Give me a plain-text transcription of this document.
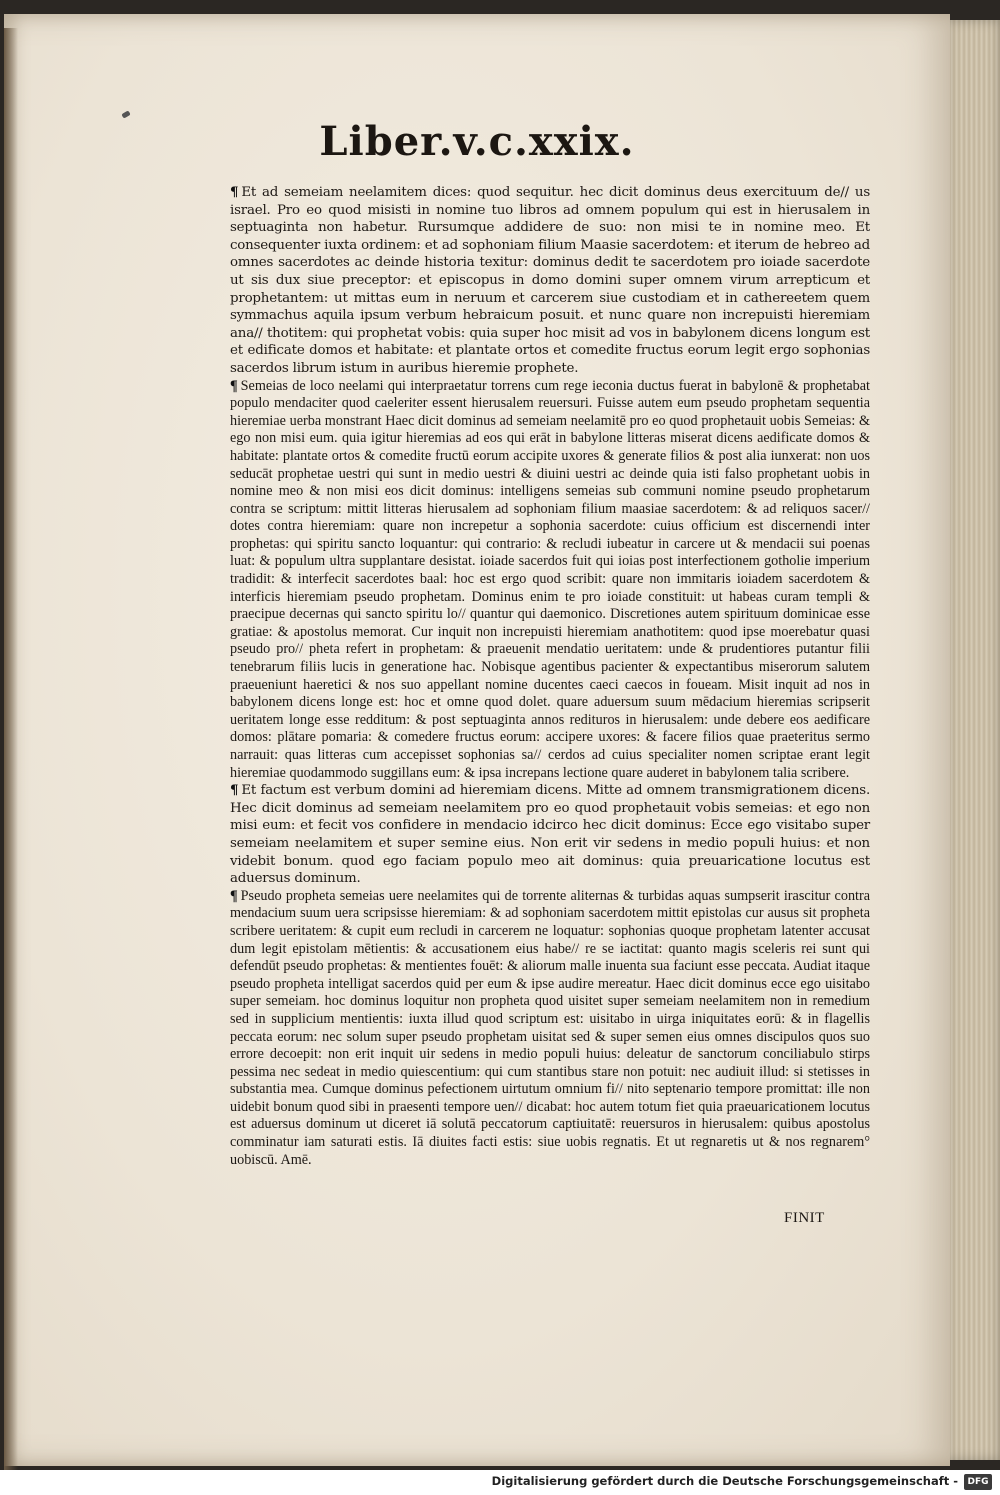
Liber.v.c.xxix.

¶ Et ad semeiam neelamitem dices: quod sequitur. hec dicit dominus deus exercituum de// us israel. Pro eo quod misisti in nomine tuo libros ad omnem populum qui est in hierusalem in septuaginta non habetur. Rursumque addidere de suo: non misi te in nomine meo. Et consequenter iuxta ordinem: et ad sophoniam filium Maasie sacerdotem: et iterum de hebreo ad omnes sacerdotes ac deinde historia texitur: dominus dedit te sacerdotem pro ioiade sacerdote ut sis dux siue preceptor: et episcopus in domo domini super omnem virum arrepticum et prophetantem: ut mittas eum in neruum et carcerem siue custodiam et in cathereetem quem symmachus aquila ipsum verbum hebraicum posuit. et nunc quare non increpuisti hieremiam ana// thotitem: qui prophetat vobis: quia super hoc misit ad vos in babylonem dicens longum est et edificate domos et habitate: et plantate ortos et comedite fructus eorum legit ergo sophonias sacerdos librum istum in auribus hieremie prophete.

¶ Semeias de loco neelami qui interpraetatur torrens cum rege ieconia ductus fuerat in babylonē & prophetabat populo mendaciter quod caeleriter essent hierusalem reuersuri. Fuisse autem eum pseudo prophetam sequentia hieremiae uerba monstrant Haec dicit dominus ad semeiam neelamitē pro eo quod prophetauit uobis Semeias: & ego non misi eum. quia igitur hieremias ad eos qui erāt in babylone litteras miserat dicens aedificate domos & habitate: plantate ortos & comedite fructū eorum accipite uxores & generate filios & post alia iunxerat: non uos seducāt prophetae uestri qui sunt in medio uestri & diuini uestri ac deinde quia isti falso prophetant uobis in nomine meo & non misi eos dicit dominus: intelligens semeias sub communi nomine pseudo prophetarum contra se scriptum: mittit litteras hierusalem ad sophoniam filium maasiae sacerdotem: & ad reliquos sacer// dotes contra hieremiam: quare non increpetur a sophonia sacerdote: cuius officium est discernendi inter prophetas: qui spiritu sancto loquantur: qui contrario: & recludi iubeatur in carcere ut & mendacii sui poenas luat: & populum ultra supplantare desistat. ioiade sacerdos fuit qui ioias post interfectionem gotholie imperium tradidit: & interfecit sacerdotes baal: hoc est ergo quod scribit: quare non immitaris ioiadem sacerdotem & interficis hieremiam pseudo prophetam. Dominus enim te pro ioiade constituit: ut habeas curam templi & praecipue decernas qui sancto spiritu lo// quantur qui daemonico. Discretiones autem spirituum dominicae esse gratiae: & apostolus memorat. Cur inquit non increpuisti hieremiam anathotitem: quod ipse moerebatur quasi pseudo pro// pheta refert in prophetam: & praeuenit mendatio ueritatem: unde & prudentiores putantur filii tenebrarum filiis lucis in generatione hac. Nobisque agentibus pacienter & expectantibus miserorum salutem praeueniunt haeretici & nos suo appellant nomine ducentes caeci caecos in foueam. Misit inquit ad nos in babylonem dicens longe est: hoc et omne quod dolet. quare aduersum suum mēdacium hieremias scripserit ueritatem longe esse redditum: & post septuaginta annos redituros in hierusalem: unde debere eos aedificare domos: plātare pomaria: & comedere fructus eorum: accipere uxores: & facere filios quae praeteritus sermo narrauit: quas litteras cum accepisset sophonias sa// cerdos ad cuius specialiter nomen scriptae erant legit hieremiae quodammodo suggillans eum: & ipsa increpans lectione quare auderet in babylonem talia scribere.

¶ Et factum est verbum domini ad hieremiam dicens. Mitte ad omnem transmigrationem dicens. Hec dicit dominus ad semeiam neelamitem pro eo quod prophetauit vobis semeias: et ego non misi eum: et fecit vos confidere in mendacio idcirco hec dicit dominus: Ecce ego visitabo super semeiam neelamitem et super semine eius. Non erit vir sedens in medio populi huius: et non videbit bonum. quod ego faciam populo meo ait dominus: quia preuaricatione locutus est aduersus dominum.

¶ Pseudo propheta semeias uere neelamites qui de torrente aliternas & turbidas aquas sumpserit irascitur contra mendacium suum uera scripsisse hieremiam: & ad sophoniam sacerdotem mittit epistolas cur ausus sit propheta scribere ueritatem: & cupit eum recludi in carcerem ne loquatur: sophonias quoque prophetam latenter accusat dum legit epistolam mētientis: & accusationem eius habe// re se iactitat: quanto magis sceleris rei sunt qui defendūt pseudo prophetas: & mentientes fouēt: & aliorum malle inuenta sua faciunt esse peccata. Audiat itaque pseudo propheta intelligat sacerdos quid per eum & ipse audire mereatur. Haec dicit dominus ecce ego uisitabo super semeiam. hoc dominus loquitur non propheta quod uisitet super semeiam neelamitem non in remedium sed in supplicium mentientis: iuxta illud quod scriptum est: uisitabo in uirga iniquitates eorū: & in flagellis peccata eorum: nec solum super pseudo prophetam uisitat sed & super semen eius omnes discipulos quos suo errore decoepit: non erit inquit uir sedens in medio populi huius: deleatur de sanctorum conciliabulo stirps pessima nec sedeat in medio quiescentium: qui cum stantibus stare non potuit: nec audiuit illud: si stetisses in substantia mea. Cumque dominus pefectionem uirtutum omnium fi// nito septenario tempore promittat: ille non uidebit bonum quod sibi in praesenti tempore uen// dicabat: hoc autem totum fiet quia praeuaricationem locutus est aduersus dominum ut diceret iā solutā peccatorum captiuitatē: reuersuros in hierusalem: quibus apostolus comminatur iam saturati estis. Iā diuites facti estis: siue uobis regnatis. Et ut regnaretis ut & nos regnarem° uobiscū. Amē.

FINIT
Digitalisierung gefördert durch die Deutsche Forschungsgemeinschaft -	DFG
